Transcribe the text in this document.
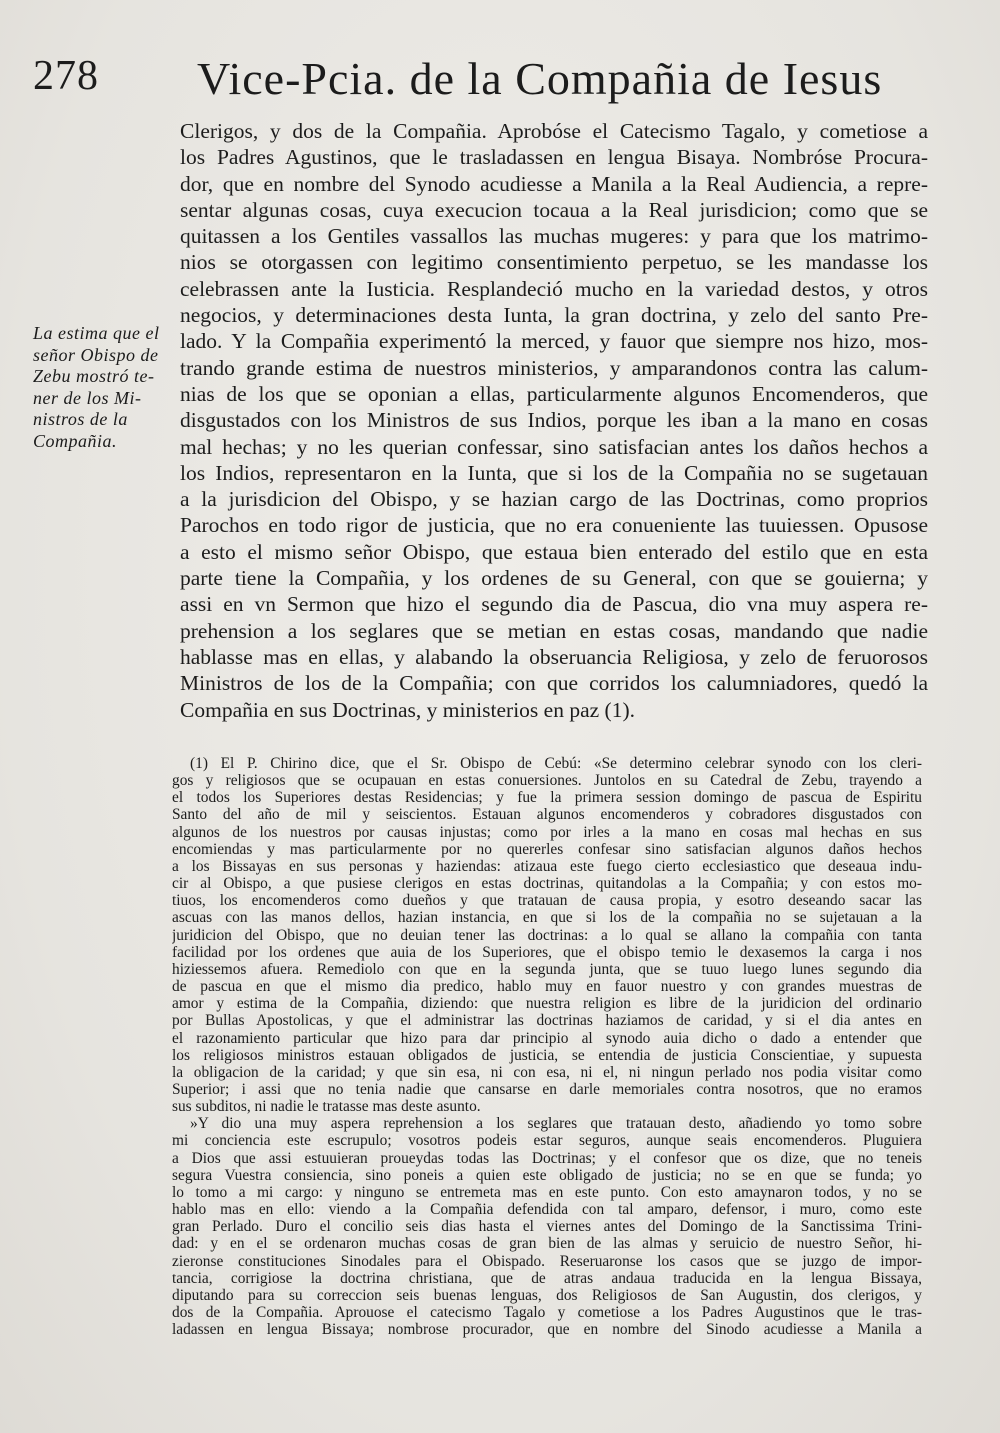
278 Vice-Pcia. de la Compañia de Iesus
La estima que el
señor Obispo de
Zebu mostró te-
ner de los Mi-
nistros de la
Compañia.
Clerigos, y dos de la Compañia. Aprobóse el Catecismo Tagalo, y cometiose a
los Padres Agustinos, que le trasladassen en lengua Bisaya. Nombróse Procura-
dor, que en nombre del Synodo acudiesse a Manila a la Real Audiencia, a repre-
sentar algunas cosas, cuya execucion tocaua a la Real jurisdicion; como que se
quitassen a los Gentiles vassallos las muchas mugeres: y para que los matrimo-
nios se otorgassen con legitimo consentimiento perpetuo, se les mandasse los
celebrassen ante la Iusticia. Resplandeció mucho en la variedad destos, y otros
negocios, y determinaciones desta Iunta, la gran doctrina, y zelo del santo Pre-
lado. Y la Compañia experimentó la merced, y fauor que siempre nos hizo, mos-
trando grande estima de nuestros ministerios, y amparandonos contra las calum-
nias de los que se oponian a ellas, particularmente algunos Encomenderos, que
disgustados con los Ministros de sus Indios, porque les iban a la mano en cosas
mal hechas; y no les querian confessar, sino satisfacian antes los daños hechos a
los Indios, representaron en la Iunta, que si los de la Compañia no se sugetauan
a la jurisdicion del Obispo, y se hazian cargo de las Doctrinas, como proprios
Parochos en todo rigor de justicia, que no era conueniente las tuuiessen. Opusose
a esto el mismo señor Obispo, que estaua bien enterado del estilo que en esta
parte tiene la Compañia, y los ordenes de su General, con que se gouierna; y
assi en vn Sermon que hizo el segundo dia de Pascua, dio vna muy aspera re-
prehension a los seglares que se metian en estas cosas, mandando que nadie
hablasse mas en ellas, y alabando la obseruancia Religiosa, y zelo de feruorosos
Ministros de los de la Compañia; con que corridos los calumniadores, quedó la
Compañia en sus Doctrinas, y ministerios en paz (1).
(1) El P. Chirino dice, que el Sr. Obispo de Cebú: «Se determino celebrar synodo con los cleri-
gos y religiosos que se ocupauan en estas conuersiones. Juntolos en su Catedral de Zebu, trayendo a
el todos los Superiores destas Residencias; y fue la primera session domingo de pascua de Espiritu
Santo del año de mil y seiscientos. Estauan algunos encomenderos y cobradores disgustados con
algunos de los nuestros por causas injustas; como por irles a la mano en cosas mal hechas en sus
encomiendas y mas particularmente por no quererles confesar sino satisfacian algunos daños hechos
a los Bissayas en sus personas y haziendas: atizaua este fuego cierto ecclesiastico que deseaua indu-
cir al Obispo, a que pusiese clerigos en estas doctrinas, quitandolas a la Compañia; y con estos mo-
tiuos, los encomenderos como dueños y que tratauan de causa propia, y esotro deseando sacar las
ascuas con las manos dellos, hazian instancia, en que si los de la compañia no se sujetauan a la
juridicion del Obispo, que no deuian tener las doctrinas: a lo qual se allano la compañia con tanta
facilidad por los ordenes que auia de los Superiores, que el obispo temio le dexasemos la carga i nos
hiziessemos afuera. Remediolo con que en la segunda junta, que se tuuo luego lunes segundo dia
de pascua en que el mismo dia predico, hablo muy en fauor nuestro y con grandes muestras de
amor y estima de la Compañia, diziendo: que nuestra religion es libre de la juridicion del ordinario
por Bullas Apostolicas, y que el administrar las doctrinas haziamos de caridad, y si el dia antes en
el razonamiento particular que hizo para dar principio al synodo auia dicho o dado a entender que
los religiosos ministros estauan obligados de justicia, se entendia de justicia Conscientiae, y supuesta
la obligacion de la caridad; y que sin esa, ni con esa, ni el, ni ningun perlado nos podia visitar como
Superior; i assi que no tenia nadie que cansarse en darle memoriales contra nosotros, que no eramos
sus subditos, ni nadie le tratasse mas deste asunto.
»Y dio una muy aspera reprehension a los seglares que tratauan desto, añadiendo yo tomo sobre
mi conciencia este escrupulo; vosotros podeis estar seguros, aunque seais encomenderos. Pluguiera
a Dios que assi estuuieran proueydas todas las Doctrinas; y el confesor que os dize, que no teneis
segura Vuestra consiencia, sino poneis a quien este obligado de justicia; no se en que se funda; yo
lo tomo a mi cargo: y ninguno se entremeta mas en este punto. Con esto amaynaron todos, y no se
hablo mas en ello: viendo a la Compañia defendida con tal amparo, defensor, i muro, como este
gran Perlado. Duro el concilio seis dias hasta el viernes antes del Domingo de la Sanctissima Trini-
dad: y en el se ordenaron muchas cosas de gran bien de las almas y seruicio de nuestro Señor, hi-
zieronse constituciones Sinodales para el Obispado. Reseruaronse los casos que se juzgo de impor-
tancia, corrigiose la doctrina christiana, que de atras andaua traducida en la lengua Bissaya,
diputando para su correccion seis buenas lenguas, dos Religiosos de San Augustin, dos clerigos, y
dos de la Compañia. Aprouose el catecismo Tagalo y cometiose a los Padres Augustinos que le tras-
ladassen en lengua Bissaya; nombrose procurador, que en nombre del Sinodo acudiesse a Manila a
